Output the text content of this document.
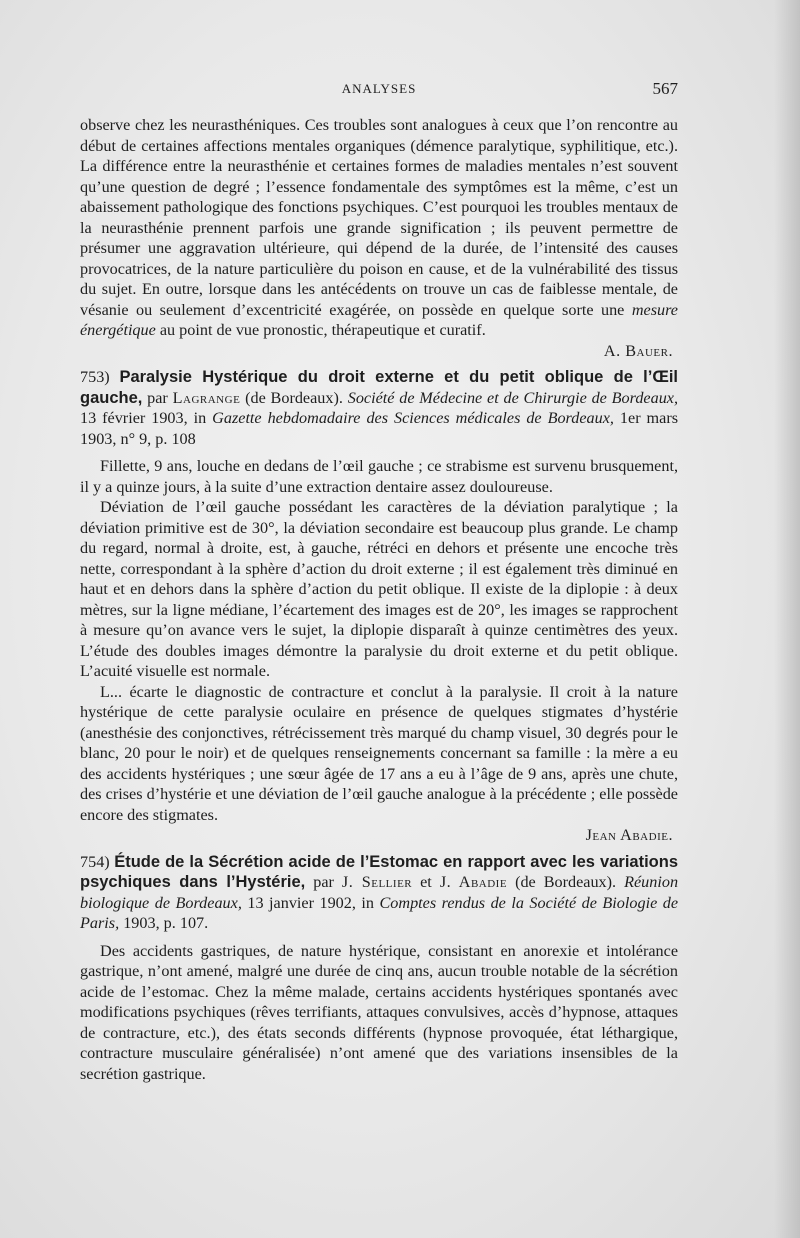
ANALYSES	567

observe chez les neurasthéniques. Ces troubles sont analogues à ceux que l’on rencontre au début de certaines affections mentales organiques (démence paralytique, syphilitique, etc.). La différence entre la neurasthénie et certaines formes de maladies mentales n’est souvent qu’une question de degré ; l’essence fondamentale des symptômes est la même, c’est un abaissement pathologique des fonctions psychiques. C’est pourquoi les troubles mentaux de la neurasthénie prennent parfois une grande signification ; ils peuvent permettre de présumer une aggravation ultérieure, qui dépend de la durée, de l’intensité des causes provocatrices, de la nature particulière du poison en cause, et de la vulnérabilité des tissus du sujet. En outre, lorsque dans les antécédents on trouve un cas de faiblesse mentale, de vésanie ou seulement d’excentricité exagérée, on possède en quelque sorte une mesure énergétique au point de vue pronostic, thérapeutique et curatif.

A. Bauer.

753) Paralysie Hystérique du droit externe et du petit oblique de l’Œil gauche, par Lagrange (de Bordeaux). Société de Médecine et de Chirurgie de Bordeaux, 13 février 1903, in Gazette hebdomadaire des Sciences médicales de Bordeaux, 1er mars 1903, n° 9, p. 108

Fillette, 9 ans, louche en dedans de l’œil gauche ; ce strabisme est survenu brusquement, il y a quinze jours, à la suite d’une extraction dentaire assez douloureuse.

Déviation de l’œil gauche possédant les caractères de la déviation paralytique ; la déviation primitive est de 30°, la déviation secondaire est beaucoup plus grande. Le champ du regard, normal à droite, est, à gauche, rétréci en dehors et présente une encoche très nette, correspondant à la sphère d’action du droit externe ; il est également très diminué en haut et en dehors dans la sphère d’action du petit oblique. Il existe de la diplopie : à deux mètres, sur la ligne médiane, l’écartement des images est de 20°, les images se rapprochent à mesure qu’on avance vers le sujet, la diplopie disparaît à quinze centimètres des yeux. L’étude des doubles images démontre la paralysie du droit externe et du petit oblique. L’acuité visuelle est normale.

L... écarte le diagnostic de contracture et conclut à la paralysie. Il croit à la nature hystérique de cette paralysie oculaire en présence de quelques stigmates d’hystérie (anesthésie des conjonctives, rétrécissement très marqué du champ visuel, 30 degrés pour le blanc, 20 pour le noir) et de quelques renseignements concernant sa famille : la mère a eu des accidents hystériques ; une sœur âgée de 17 ans a eu à l’âge de 9 ans, après une chute, des crises d’hystérie et une déviation de l’œil gauche analogue à la précédente ; elle possède encore des stigmates.

Jean Abadie.

754) Étude de la Sécrétion acide de l’Estomac en rapport avec les variations psychiques dans l’Hystérie, par J. Sellier et J. Abadie (de Bordeaux). Réunion biologique de Bordeaux, 13 janvier 1902, in Comptes rendus de la Société de Biologie de Paris, 1903, p. 107.

Des accidents gastriques, de nature hystérique, consistant en anorexie et intolérance gastrique, n’ont amené, malgré une durée de cinq ans, aucun trouble notable de la sécrétion acide de l’estomac. Chez la même malade, certains accidents hystériques spontanés avec modifications psychiques (rêves terrifiants, attaques convulsives, accès d’hypnose, attaques de contracture, etc.), des états seconds différents (hypnose provoquée, état léthargique, contracture musculaire généralisée) n’ont amené que des variations insensibles de la secrétion gastrique.
